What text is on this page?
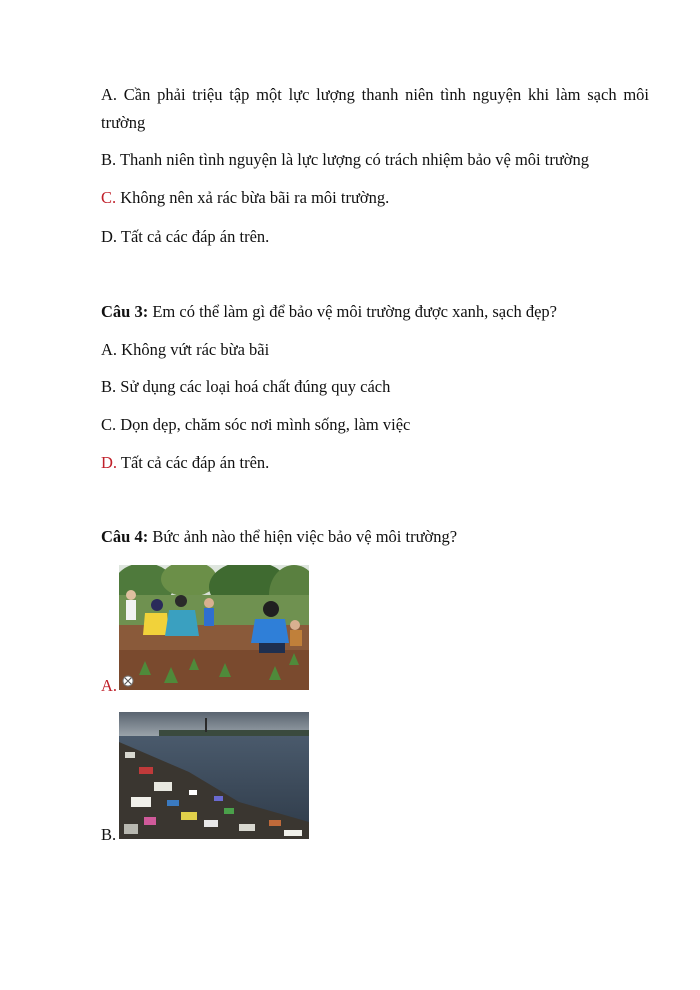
A. Cần phải triệu tập một lực lượng thanh niên tình nguyện khi làm sạch môi
trường
B. Thanh niên tình nguyện là lực lượng có trách nhiệm bảo vệ môi trường
C. Không nên xả rác bừa bãi ra môi trường.
D. Tất cả các đáp án trên.
Câu 3: Em có thể làm gì để bảo vệ môi trường được xanh, sạch đẹp?
A. Không vứt rác bừa bãi
B. Sử dụng các loại hoá chất đúng quy cách
C. Dọn dẹp, chăm sóc nơi mình sống, làm việc
D. Tất cả các đáp án trên.
Câu 4: Bức ảnh nào thể hiện việc bảo vệ môi trường?
A.
B.
